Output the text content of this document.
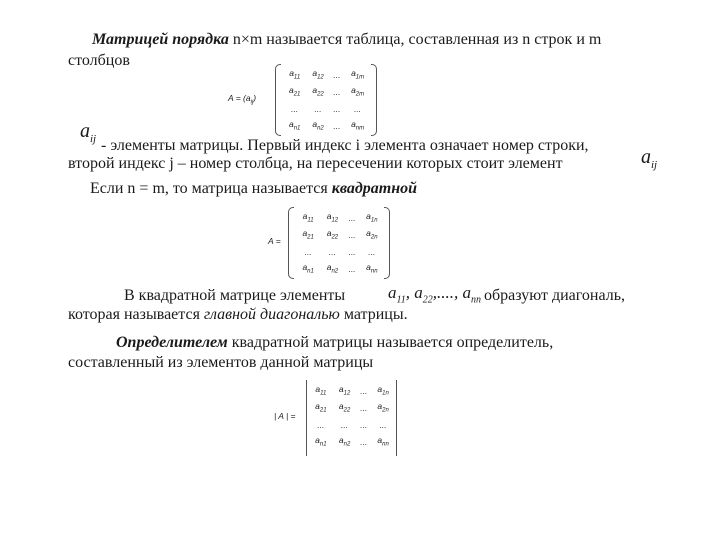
Матрицей порядка n×m называется таблица, составленная из n строк и m
столбцов
$A = (a_{ij})$
$a_{11}$	$a_{12}$	...	$a_{1m}$
$a_{21}$	$a_{22}$	...	$a_{2m}$
...	...	...	...
$a_{n1}$	$a_{n2}$	...	$a_{nm}$
$a_{ij}$ - элементы матрицы. Первый индекс i элемента означает номер строки,
второй индекс j – номер столбца, на пересечении которых стоит элемент	$a_{ij}$
Если n = m, то матрица называется квадратной
A =
$a_{11}$	$a_{12}$	...	$a_{1n}$
$a_{21}$	$a_{22}$	...	$a_{2n}$
...	...	...	...
$a_{n1}$	$a_{n2}$	...	$a_{nn}$
В квадратной матрице элементы	$a_{11}$, $a_{22}$,...., $a_{nn}$ образуют диагональ,
которая называется главной диагональю матрицы.
Определителем квадратной матрицы называется определитель,
составленный из элементов данной матрицы
| A | =
$a_{11}$	$a_{12}$	...	$a_{1n}$
$a_{21}$	$a_{22}$	...	$a_{2n}$
...	...	...	...
$a_{n1}$	$a_{n2}$	...	$a_{nn}$
